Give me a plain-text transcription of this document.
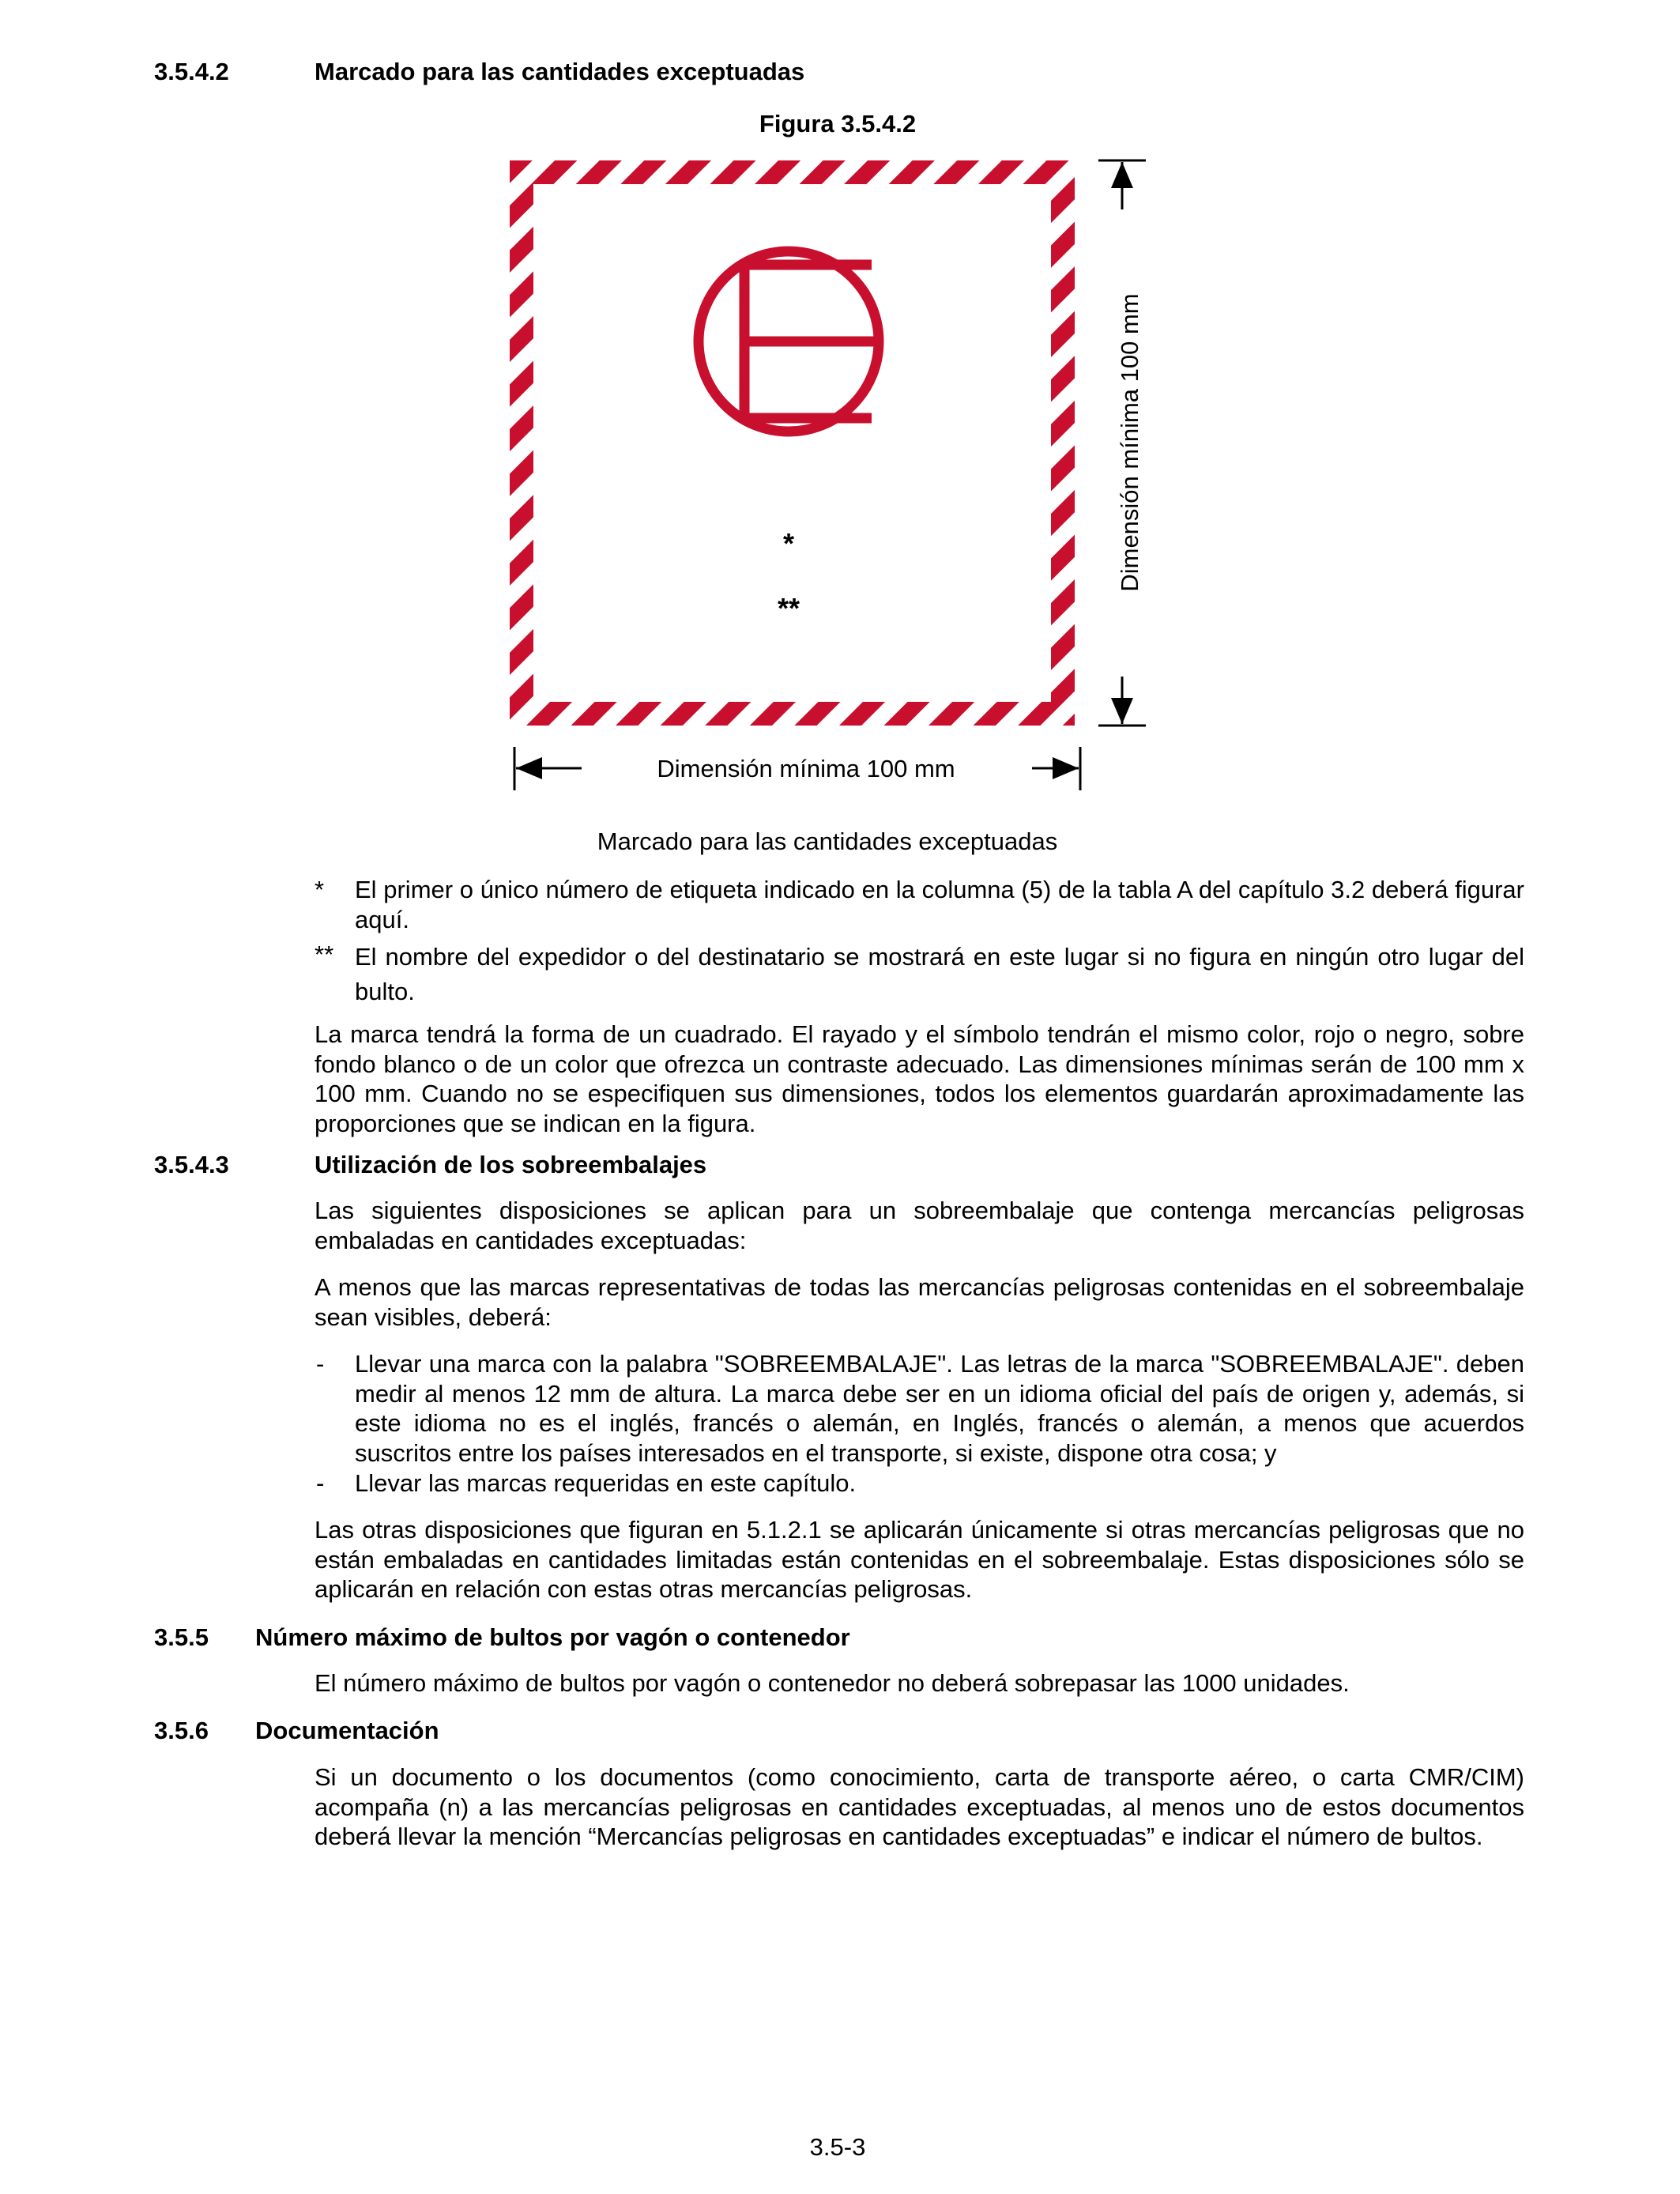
3.5.4.2	Marcado para las cantidades exceptuadas
Figura 3.5.4.2
*
**
Dimensión mínima 100 mm
Dimensión mínima 100 mm
Marcado para las cantidades exceptuadas
* El primer o único número de etiqueta indicado en la columna (5) de la tabla A del capítulo 3.2 deberá figurar aquí.
** El nombre del expedidor o del destinatario se mostrará en este lugar si no figura en ningún otro lugar del bulto.
La marca tendrá la forma de un cuadrado. El rayado y el símbolo tendrán el mismo color, rojo o negro, sobre fondo blanco o de un color que ofrezca un contraste adecuado. Las dimensiones mínimas serán de 100 mm x 100 mm. Cuando no se especifiquen sus dimensiones, todos los elementos guardarán aproximadamente las proporciones que se indican en la figura.
3.5.4.3	Utilización de los sobreembalajes
Las siguientes disposiciones se aplican para un sobreembalaje que contenga mercancías peligrosas embaladas en cantidades exceptuadas:
A menos que las marcas representativas de todas las mercancías peligrosas contenidas en el sobreembalaje sean visibles, deberá:
- Llevar una marca con la palabra "SOBREEMBALAJE". Las letras de la marca "SOBREEMBALAJE". deben medir al menos 12 mm de altura. La marca debe ser en un idioma oficial del país de origen y, además, si este idioma no es el inglés, francés o alemán, en Inglés, francés o alemán, a menos que acuerdos suscritos entre los países interesados en el transporte, si existe, dispone otra cosa; y
- Llevar las marcas requeridas en este capítulo.
Las otras disposiciones que figuran en 5.1.2.1 se aplicarán únicamente si otras mercancías peligrosas que no están embaladas en cantidades limitadas están contenidas en el sobreembalaje. Estas disposiciones sólo se aplicarán en relación con estas otras mercancías peligrosas.
3.5.5 Número máximo de bultos por vagón o contenedor
El número máximo de bultos por vagón o contenedor no deberá sobrepasar las 1000 unidades.
3.5.6 Documentación
Si un documento o los documentos (como conocimiento, carta de transporte aéreo, o carta CMR/CIM) acompaña (n) a las mercancías peligrosas en cantidades exceptuadas, al menos uno de estos documentos deberá llevar la mención “Mercancías peligrosas en cantidades exceptuadas” e indicar el número de bultos.
3.5-3
